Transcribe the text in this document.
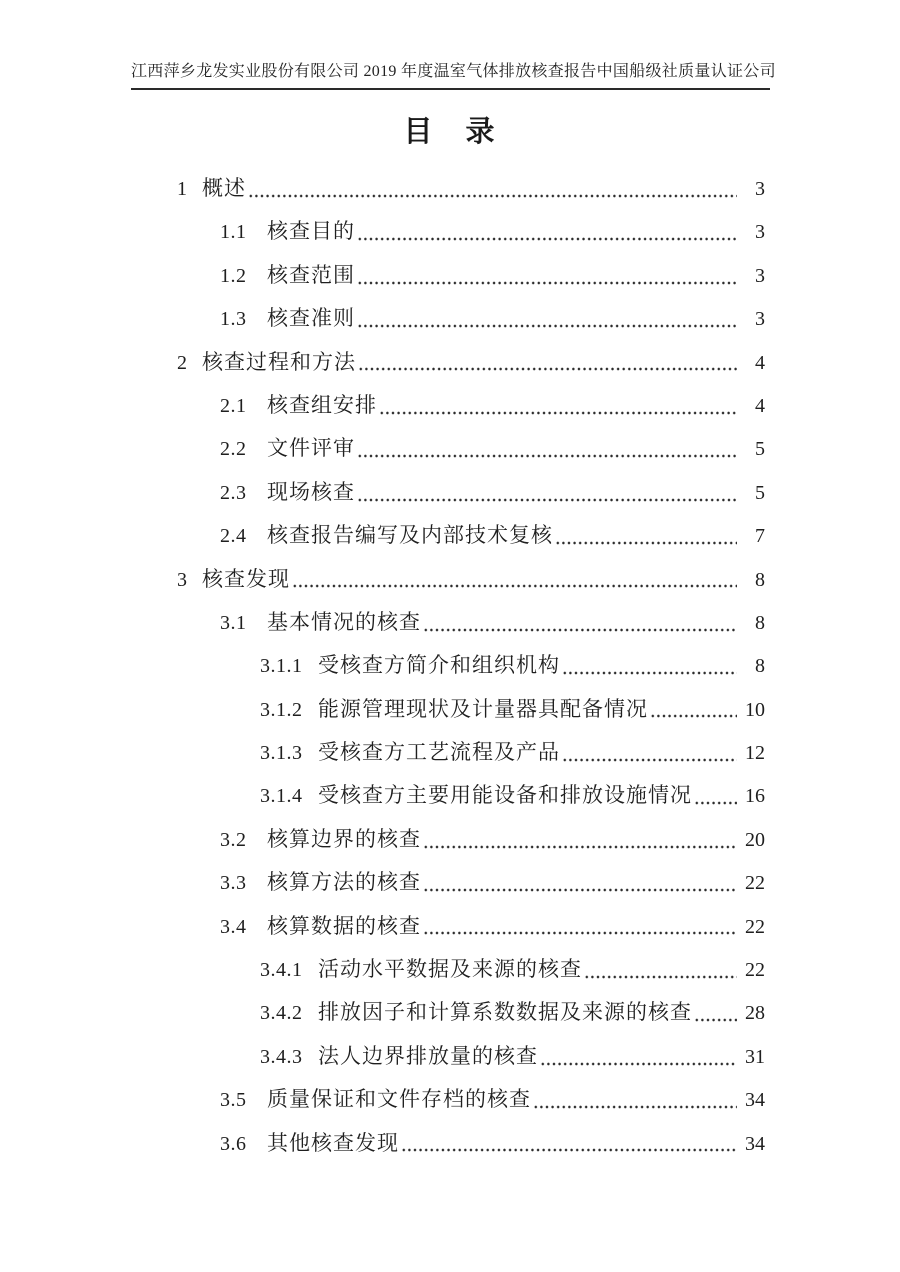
江西萍乡龙发实业股份有限公司 2019 年度温室气体排放核查报告中国船级社质量认证公司
目　录
1 概述	3
1.1 核查目的	3
1.2 核查范围	3
1.3 核查准则	3
2 核查过程和方法	4
2.1 核查组安排	4
2.2 文件评审	5
2.3 现场核查	5
2.4 核查报告编写及内部技术复核	7
3 核查发现	8
3.1 基本情况的核查	8
3.1.1 受核查方简介和组织机构	8
3.1.2 能源管理现状及计量器具配备情况	10
3.1.3 受核查方工艺流程及产品	12
3.1.4 受核查方主要用能设备和排放设施情况	16
3.2 核算边界的核查	20
3.3 核算方法的核查	22
3.4 核算数据的核查	22
3.4.1 活动水平数据及来源的核查	22
3.4.2 排放因子和计算系数数据及来源的核查	28
3.4.3 法人边界排放量的核查	31
3.5 质量保证和文件存档的核查	34
3.6 其他核查发现	34
